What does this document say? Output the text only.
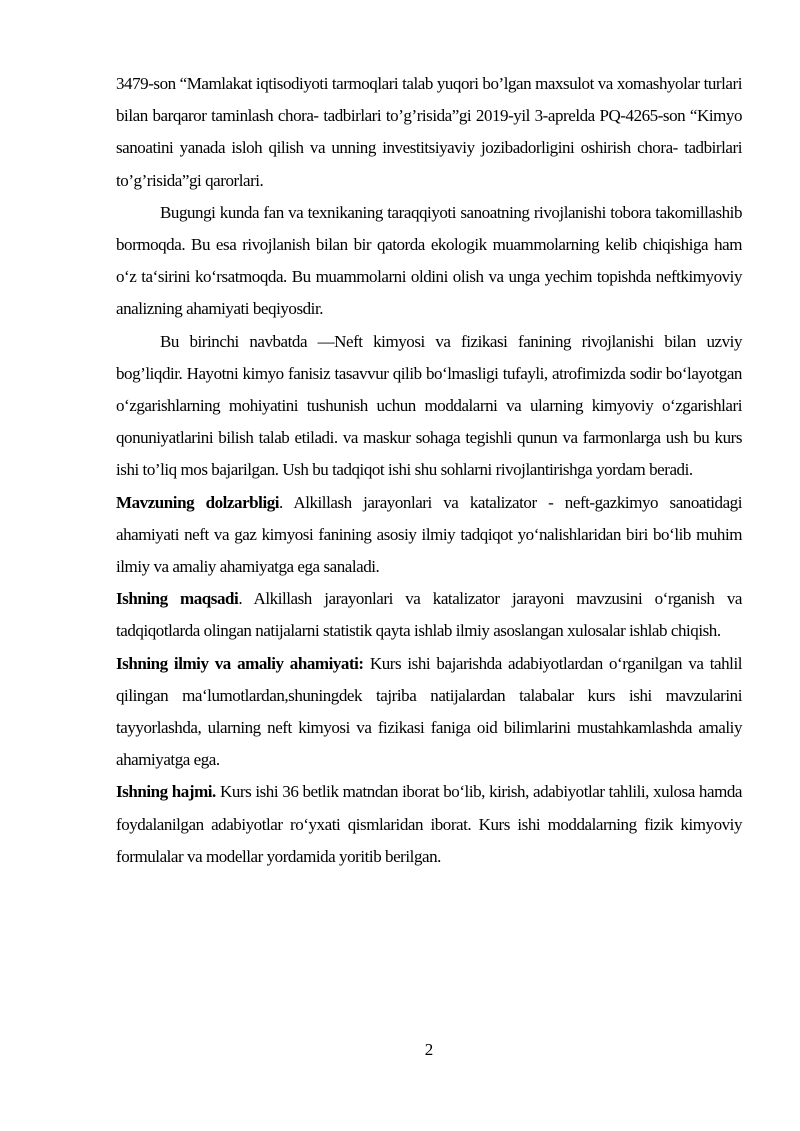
3479-son “Mamlakat iqtisodiyoti tarmoqlari talab yuqori bo’lgan maxsulot va xomashyolar turlari bilan barqaror taminlash chora- tadbirlari to’g’risida”gi 2019-yil 3-aprelda PQ-4265-son “Kimyo sanoatini yanada isloh qilish va unning investitsiyaviy jozibadorligini oshirish chora- tadbirlari to’g’risida”gi qarorlari.

Bugungi kunda fan va texnikaning taraqqiyoti sanoatning rivojlanishi tobora takomillashib bormoqda. Bu esa rivojlanish bilan bir qatorda ekologik muammolarning kelib chiqishiga ham o‘z ta‘sirini ko‘rsatmoqda. Bu muammolarni oldini olish va unga yechim topishda neftkimyoviy analizning ahamiyati beqiyosdir.

Bu birinchi navbatda —Neft kimyosi va fizikasi fanining rivojlanishi bilan uzviy bog’liqdir. Hayotni kimyo fanisiz tasavvur qilib bo‘lmasligi tufayli, atrofimizda sodir bo‘layotgan o‘zgarishlarning mohiyatini tushunish uchun moddalarni va ularning kimyoviy o‘zgarishlari qonuniyatlarini bilish talab etiladi. va maskur sohaga tegishli qunun va farmonlarga ush bu kurs ishi to’liq mos bajarilgan. Ush bu tadqiqot ishi shu sohlarni rivojlantirishga yordam beradi.

Mavzuning dolzarbligi. Alkillash jarayonlari va katalizator - neft-gazkimyo sanoatidagi ahamiyati neft va gaz kimyosi fanining asosiy ilmiy tadqiqot yo‘nalishlaridan biri bo‘lib muhim ilmiy va amaliy ahamiyatga ega sanaladi.

Ishning maqsadi. Alkillash jarayonlari va katalizator jarayoni mavzusini o‘rganish va tadqiqotlarda olingan natijalarni statistik qayta ishlab ilmiy asoslangan xulosalar ishlab chiqish.

Ishning ilmiy va amaliy ahamiyati: Kurs ishi bajarishda adabiyotlardan o‘rganilgan va tahlil qilingan ma‘lumotlardan,shuningdek tajriba natijalardan talabalar kurs ishi mavzularini tayyorlashda, ularning neft kimyosi va fizikasi faniga oid bilimlarini mustahkamlashda amaliy ahamiyatga ega.

Ishning hajmi. Kurs ishi 36 betlik matndan iborat bo‘lib, kirish, adabiyotlar tahlili, xulosa hamda foydalanilgan adabiyotlar ro‘yxati qismlaridan iborat. Kurs ishi moddalarning fizik kimyoviy formulalar va modellar yordamida yoritib berilgan.

2
